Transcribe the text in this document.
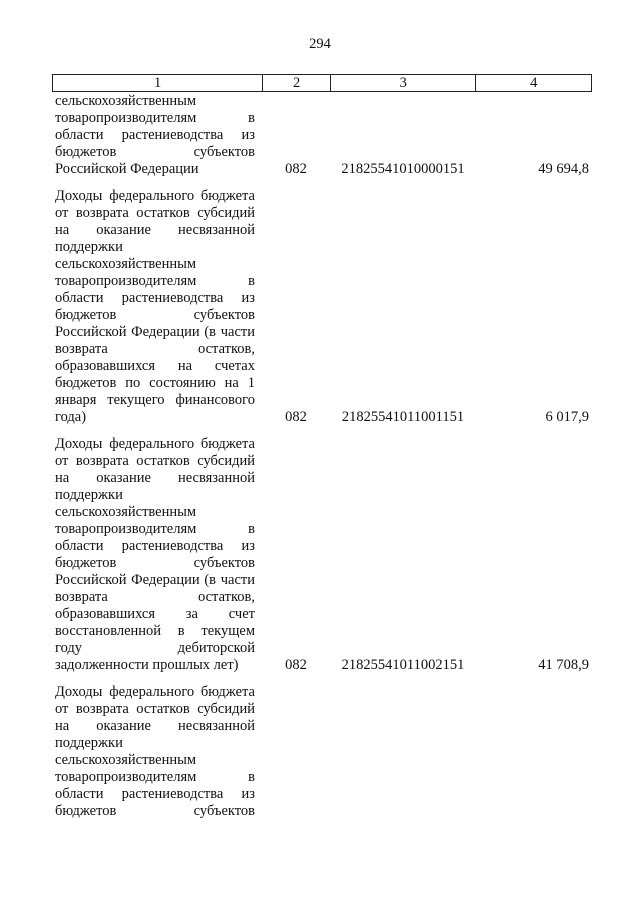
294
1	2	3	4
сельскохозяйственным товаропроизводителям в области растениеводства из бюджетов субъектов Российской Федерации	082	21825541010000151	49 694,8
Доходы федерального бюджета от возврата остатков субсидий на оказание несвязанной поддержки сельскохозяйственным товаропроизводителям в области растениеводства из бюджетов субъектов Российской Федерации (в части возврата остатков, образовавшихся на счетах бюджетов по состоянию на 1 января текущего финансового года)	082	21825541011001151	6 017,9
Доходы федерального бюджета от возврата остатков субсидий на оказание несвязанной поддержки сельскохозяйственным товаропроизводителям в области растениеводства из бюджетов субъектов Российской Федерации (в части возврата остатков, образовавшихся за счет восстановленной в текущем году дебиторской задолженности прошлых лет)	082	21825541011002151	41 708,9
Доходы федерального бюджета от возврата остатков субсидий на оказание несвязанной поддержки сельскохозяйственным товаропроизводителям в области растениеводства из бюджетов субъектов
